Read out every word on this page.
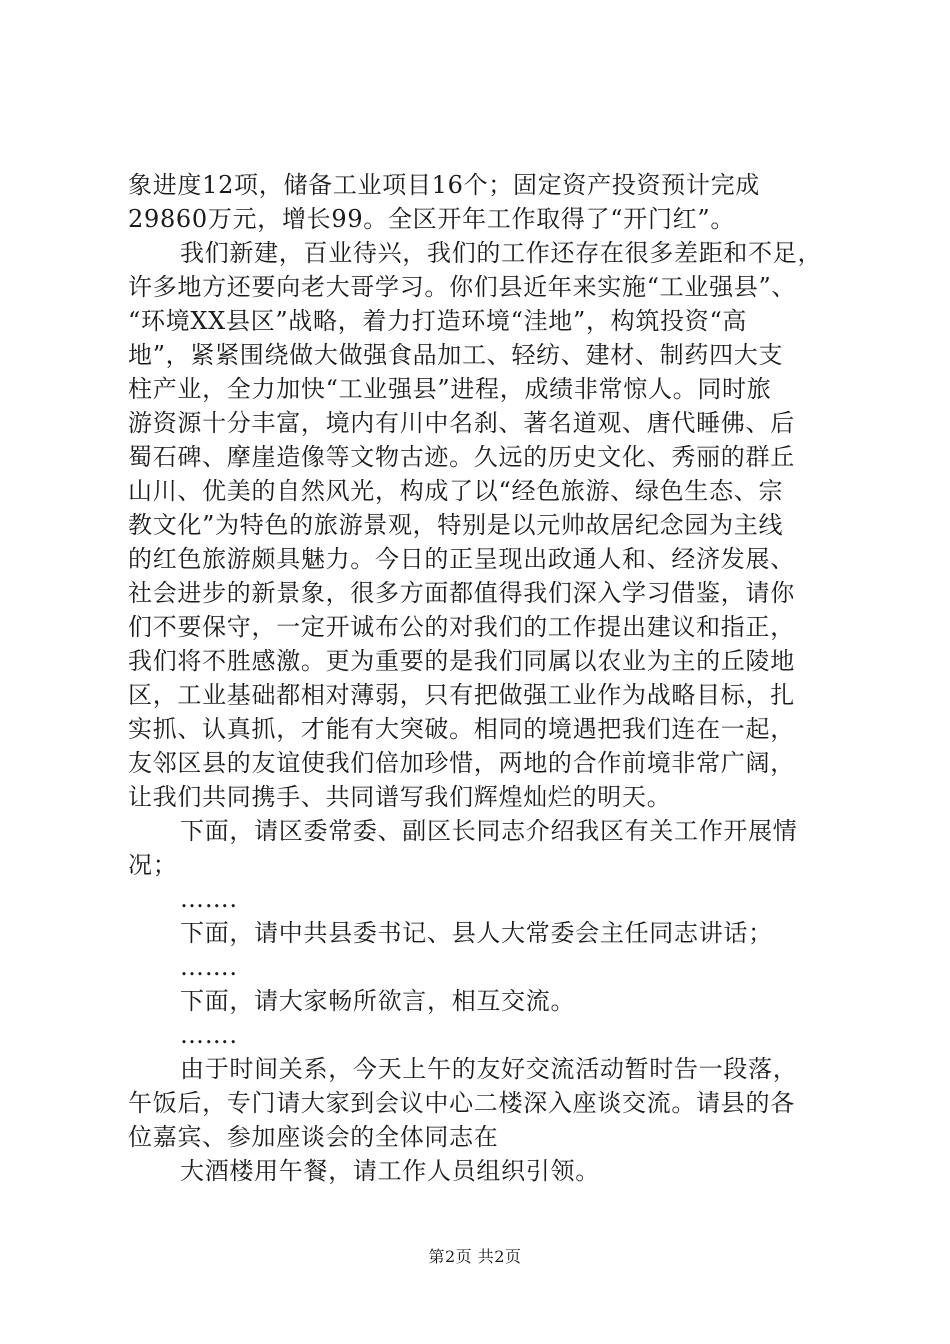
象进度12项，储备工业项目16个；固定资产投资预计完成
29860万元，增长99。全区开年工作取得了“开门红”。
我们新建，百业待兴，我们的工作还存在很多差距和不足，
许多地方还要向老大哥学习。你们县近年来实施“工业强县”、
“环境XX县区”战略，着力打造环境“洼地”，构筑投资“高
地”，紧紧围绕做大做强食品加工、轻纺、建材、制药四大支
柱产业，全力加快“工业强县”进程，成绩非常惊人。同时旅
游资源十分丰富，境内有川中名刹、著名道观、唐代睡佛、后
蜀石碑、摩崖造像等文物古迹。久远的历史文化、秀丽的群丘
山川、优美的自然风光，构成了以“经色旅游、绿色生态、宗
教文化”为特色的旅游景观，特别是以元帅故居纪念园为主线
的红色旅游颇具魅力。今日的正呈现出政通人和、经济发展、
社会进步的新景象，很多方面都值得我们深入学习借鉴，请你
们不要保守，一定开诚布公的对我们的工作提出建议和指正，
我们将不胜感激。更为重要的是我们同属以农业为主的丘陵地
区，工业基础都相对薄弱，只有把做强工业作为战略目标，扎
实抓、认真抓，才能有大突破。相同的境遇把我们连在一起，
友邻区县的友谊使我们倍加珍惜，两地的合作前境非常广阔，
让我们共同携手、共同谱写我们辉煌灿烂的明天。
下面，请区委常委、副区长同志介绍我区有关工作开展情
况；
…….
下面，请中共县委书记、县人大常委会主任同志讲话；
…….
下面，请大家畅所欲言，相互交流。
…….
由于时间关系，今天上午的友好交流活动暂时告一段落，
午饭后，专门请大家到会议中心二楼深入座谈交流。请县的各
位嘉宾、参加座谈会的全体同志在
大酒楼用午餐，请工作人员组织引领。
第2页 共2页
